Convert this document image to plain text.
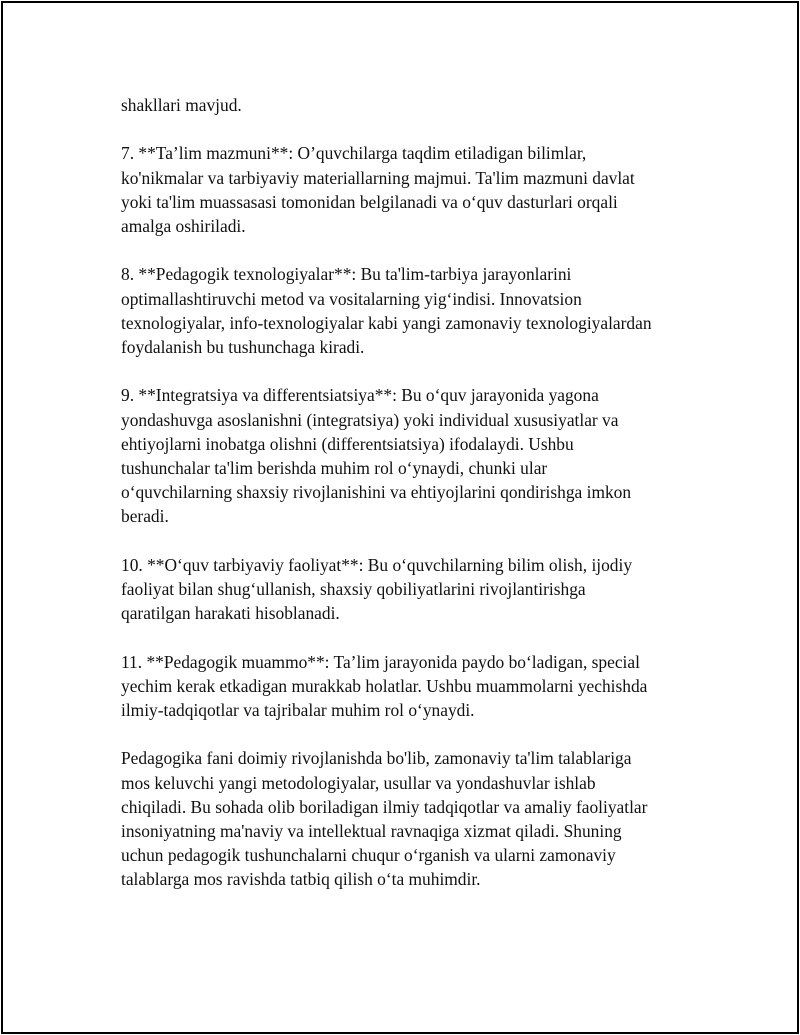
shakllari mavjud.

7. **Ta’lim mazmuni**: O’quvchilarga taqdim etiladigan bilimlar,
ko'nikmalar va tarbiyaviy materiallarning majmui. Ta'lim mazmuni davlat
yoki ta'lim muassasasi tomonidan belgilanadi va o‘quv dasturlari orqali
amalga oshiriladi.

8. **Pedagogik texnologiyalar**: Bu ta'lim-tarbiya jarayonlarini
optimallashtiruvchi metod va vositalarning yig‘indisi. Innovatsion
texnologiyalar, info-texnologiyalar kabi yangi zamonaviy texnologiyalardan
foydalanish bu tushunchaga kiradi.

9. **Integratsiya va differentsiatsiya**: Bu o‘quv jarayonida yagona
yondashuvga asoslanishni (integratsiya) yoki individual xususiyatlar va
ehtiyojlarni inobatga olishni (differentsiatsiya) ifodalaydi. Ushbu
tushunchalar ta'lim berishda muhim rol o‘ynaydi, chunki ular
o‘quvchilarning shaxsiy rivojlanishini va ehtiyojlarini qondirishga imkon
beradi.

10. **O‘quv tarbiyaviy faoliyat**: Bu o‘quvchilarning bilim olish, ijodiy
faoliyat bilan shug‘ullanish, shaxsiy qobiliyatlarini rivojlantirishga
qaratilgan harakati hisoblanadi.

11. **Pedagogik muammo**: Ta’lim jarayonida paydo bo‘ladigan, special
yechim kerak etkadigan murakkab holatlar. Ushbu muammolarni yechishda
ilmiy-tadqiqotlar va tajribalar muhim rol o‘ynaydi.

Pedagogika fani doimiy rivojlanishda bo'lib, zamonaviy ta'lim talablariga
mos keluvchi yangi metodologiyalar, usullar va yondashuvlar ishlab
chiqiladi. Bu sohada olib boriladigan ilmiy tadqiqotlar va amaliy faoliyatlar
insoniyatning ma'naviy va intellektual ravnaqiga xizmat qiladi. Shuning
uchun pedagogik tushunchalarni chuqur o‘rganish va ularni zamonaviy
talablarga mos ravishda tatbiq qilish o‘ta muhimdir.
